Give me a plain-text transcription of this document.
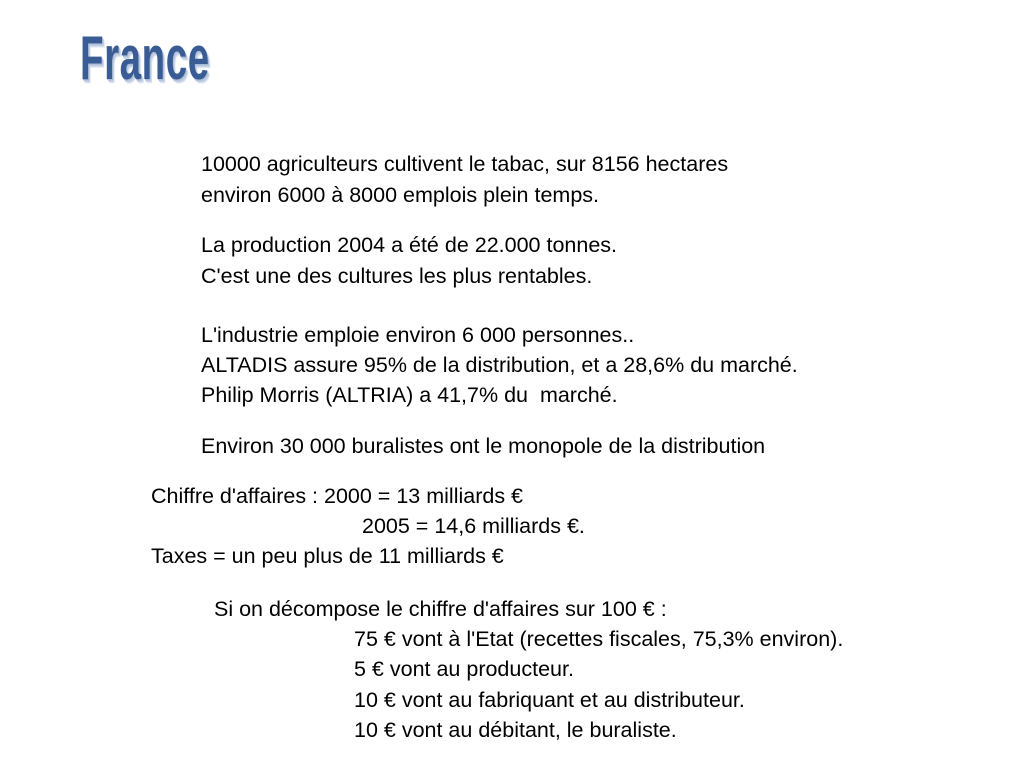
France
10000 agriculteurs cultivent le tabac, sur 8156 hectares
environ 6000 à 8000 emplois plein temps.
La production 2004 a été de 22.000 tonnes.
C'est une des cultures les plus rentables.
L'industrie emploie environ 6 000 personnes..
ALTADIS assure 95% de la distribution, et a 28,6% du marché.
Philip Morris (ALTRIA) a 41,7% du  marché.
Environ 30 000 buralistes ont le monopole de la distribution
Chiffre d'affaires : 2000 = 13 milliards €
2005 = 14,6 milliards €.
Taxes = un peu plus de 11 milliards €
Si on décompose le chiffre d'affaires sur 100 € :
75 € vont à l'Etat (recettes fiscales, 75,3% environ).
5 € vont au producteur.
10 € vont au fabriquant et au distributeur.
10 € vont au débitant, le buraliste.
